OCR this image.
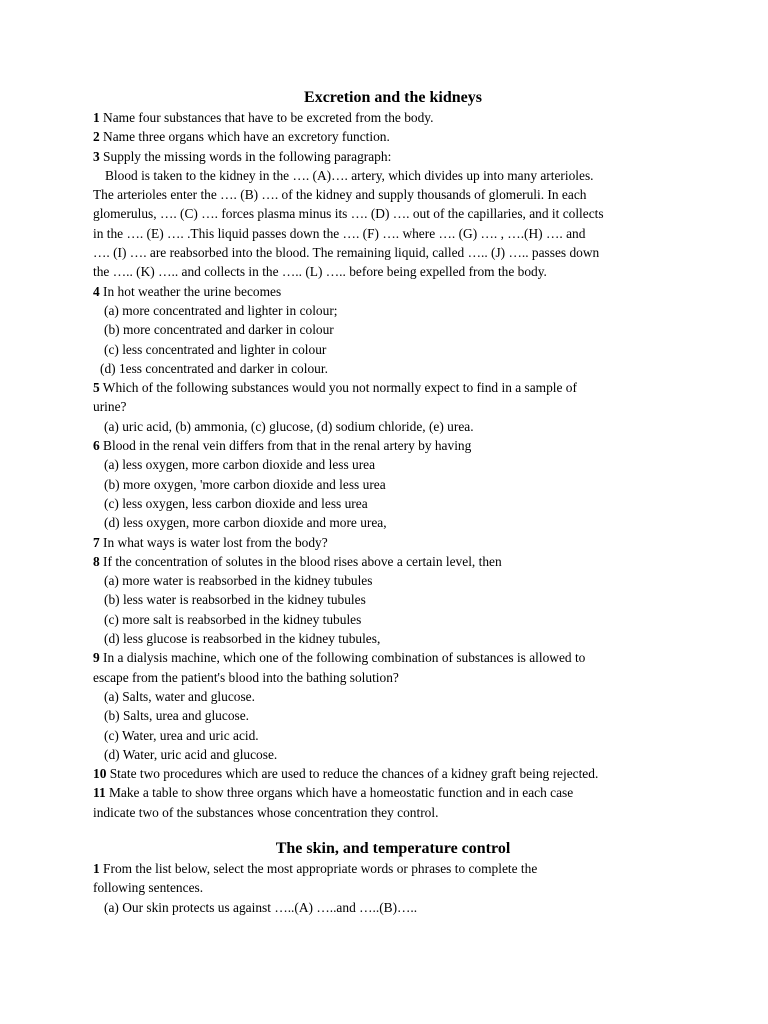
Excretion and the kidneys

1 Name four substances that have to be excreted from the body.

2 Name three organs which have an excretory function.

3 Supply the missing words in the following paragraph:

Blood is taken to the kidney in the …. (A)…. artery, which divides up into many arterioles.

The arterioles enter the …. (B) …. of the kidney and supply thousands of glomeruli. In each

glomerulus, …. (C) …. forces plasma minus its …. (D) …. out of the capillaries, and it collects

in the …. (E) …. .This liquid passes down the …. (F) …. where …. (G) …. , ….(H) …. and

…. (I) …. are reabsorbed into the blood. The remaining liquid, called ….. (J) ….. passes down

the ….. (K) ….. and collects in the ….. (L) ….. before being expelled from the body.

4 In hot weather the urine becomes

(a) more concentrated and lighter in colour;

(b) more concentrated and darker in colour

(c) less concentrated and lighter in colour

(d) 1ess concentrated and darker in colour.

5 Which of the following substances would you not normally expect to find in a sample of

urine?

(a) uric acid, (b) ammonia, (c) glucose, (d) sodium chloride, (e) urea.

6 Blood in the renal vein differs from that in the renal artery by having

(a) less oxygen, more carbon dioxide and less urea

(b) more oxygen, 'more carbon dioxide and less urea

(c) less oxygen, less carbon dioxide and less urea

(d) less oxygen, more carbon dioxide and more urea,

7 In what ways is water lost from the body?

8 If the concentration of solutes in the blood rises above a certain level, then

(a) more water is reabsorbed in the kidney tubules

(b) less water is reabsorbed in the kidney tubules

(c) more salt is reabsorbed in the kidney tubules

(d) less glucose is reabsorbed in the kidney tubules,

9 In a dialysis machine, which one of the following combination of substances is allowed to

escape from the patient's blood into the bathing solution?

(a) Salts, water and glucose.

(b) Salts, urea and glucose.

(c) Water, urea and uric acid.

(d) Water, uric acid and glucose.

10 State two procedures which are used to reduce the chances of a kidney graft being rejected.

11 Make a table to show three organs which have a homeostatic function and in each case

indicate two of the substances whose concentration they control.

The skin, and temperature control

1 From the list below, select the most appropriate words or phrases to complete the

following sentences.

(a) Our skin protects us against …..(A) …..and …..(B)…..
